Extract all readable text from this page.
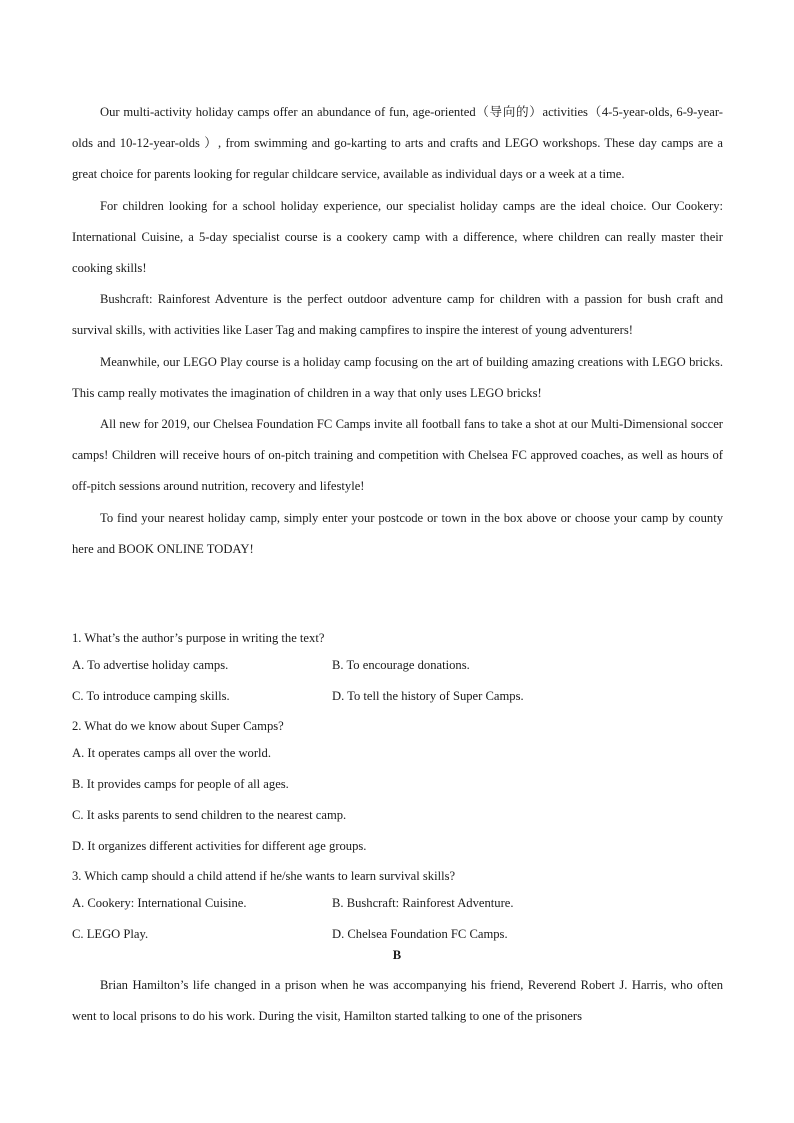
Our multi-activity holiday camps offer an abundance of fun, age-oriented（导向的）activities（4-5-year-olds, 6-9-year-olds and 10-12-year-olds ）, from swimming and go-karting to arts and crafts and LEGO workshops. These day camps are a great choice for parents looking for regular childcare service, available as individual days or a week at a time.

For children looking for a school holiday experience, our specialist holiday camps are the ideal choice. Our Cookery: International Cuisine, a 5-day specialist course is a cookery camp with a difference, where children can really master their cooking skills!

Bushcraft: Rainforest Adventure is the perfect outdoor adventure camp for children with a passion for bush craft and survival skills, with activities like Laser Tag and making campfires to inspire the interest of young adventurers!

Meanwhile, our LEGO Play course is a holiday camp focusing on the art of building amazing creations with LEGO bricks. This camp really motivates the imagination of children in a way that only uses LEGO bricks!

All new for 2019, our Chelsea Foundation FC Camps invite all football fans to take a shot at our Multi-Dimensional soccer camps! Children will receive hours of on-pitch training and competition with Chelsea FC approved coaches, as well as hours of off-pitch sessions around nutrition, recovery and lifestyle!

To find your nearest holiday camp, simply enter your postcode or town in the box above or choose your camp by county here and BOOK ONLINE TODAY!

1. What’s the author’s purpose in writing the text?

A. To advertise holiday camps.	B. To encourage donations.
C. To introduce camping skills.	D. To tell the history of Super Camps.

2. What do we know about Super Camps?

A. It operates camps all over the world.
B. It provides camps for people of all ages.
C. It asks parents to send children to the nearest camp.
D. It organizes different activities for different age groups.

3. Which camp should a child attend if he/she wants to learn survival skills?

A. Cookery: International Cuisine.	B. Bushcraft: Rainforest Adventure.
C. LEGO Play.	D. Chelsea Foundation FC Camps.
B

Brian Hamilton’s life changed in a prison when he was accompanying his friend, Reverend Robert J. Harris, who often went to local prisons to do his work. During the visit, Hamilton started talking to one of the prisoners
